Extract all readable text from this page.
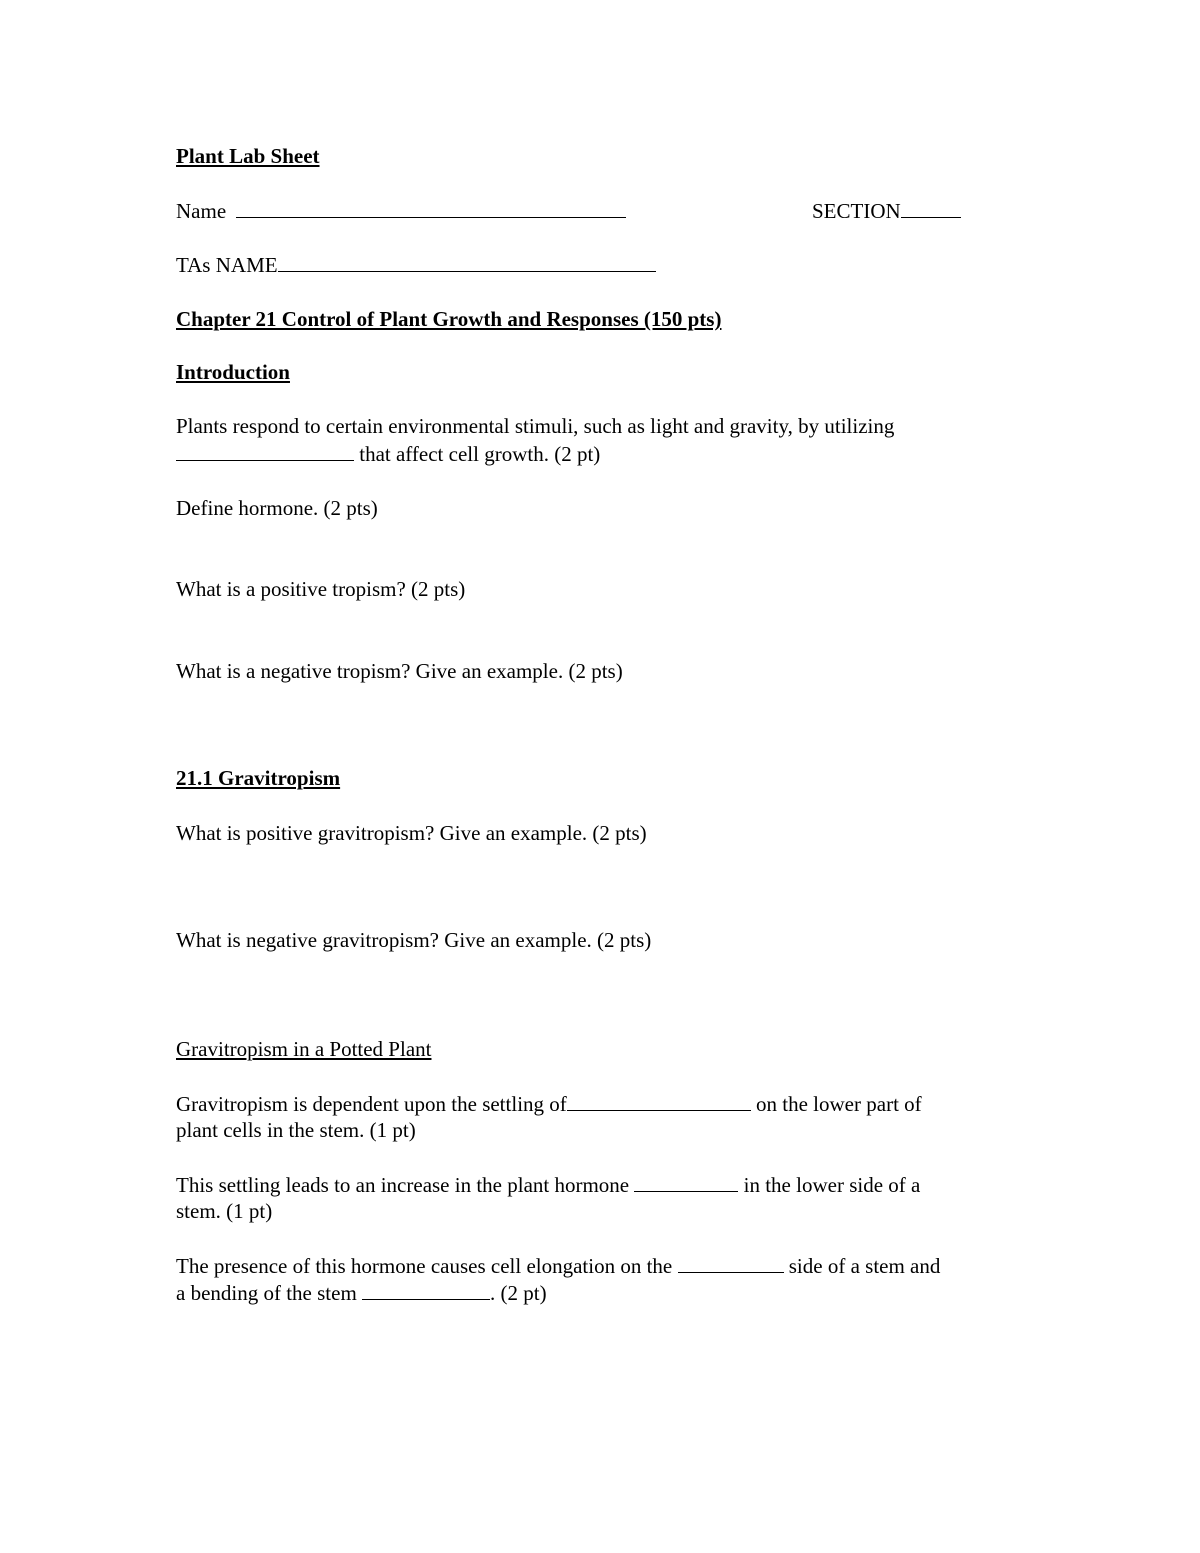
Plant Lab Sheet
Name	SECTION
TAs NAME
Chapter 21 Control of Plant Growth and Responses (150 pts)
Introduction
Plants respond to certain environmental stimuli, such as light and gravity, by utilizing
that affect cell growth. (2 pt)
Define hormone. (2 pts)
What is a positive tropism? (2 pts)
What is a negative tropism? Give an example. (2 pts)
21.1 Gravitropism
What is positive gravitropism? Give an example. (2 pts)
What is negative gravitropism? Give an example. (2 pts)
Gravitropism in a Potted Plant
Gravitropism is dependent upon the settling of	on the lower part of
plant cells in the stem. (1 pt)
This settling leads to an increase in the plant hormone	in the lower side of a
stem. (1 pt)
The presence of this hormone causes cell elongation on the	side of a stem and
a bending of the stem	. (2 pt)
